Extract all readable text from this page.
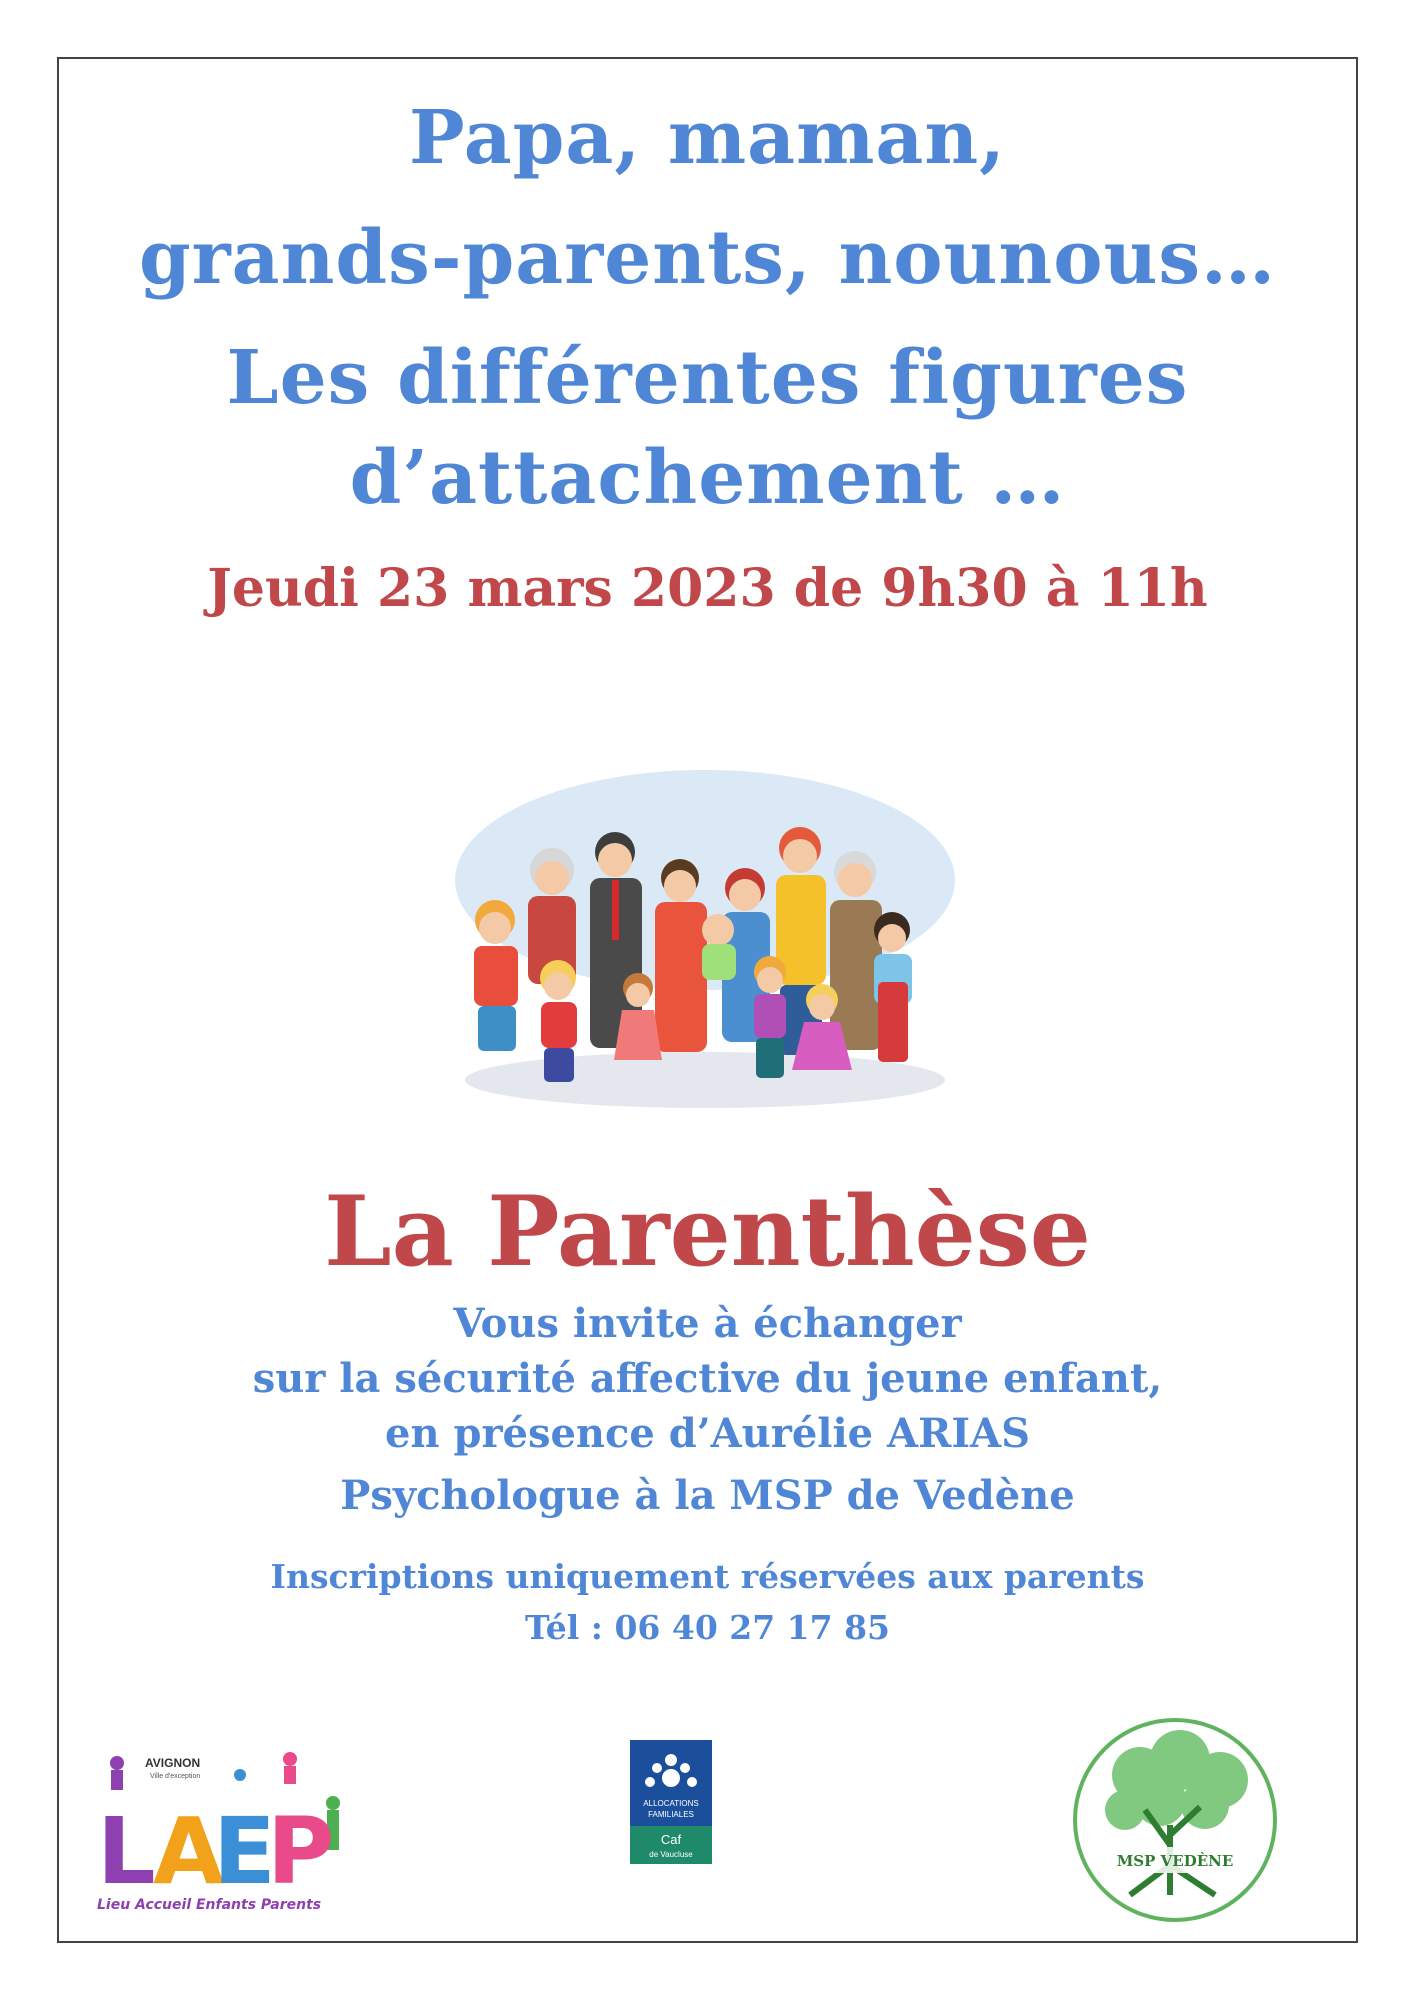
Papa, maman,
grands-parents, nounous…
Les différentes figures
d’attachement …
Jeudi 23 mars 2023 de 9h30 à 11h
La Parenthèse
Vous invite à échanger
sur la sécurité affective du jeune enfant,
en présence d’Aurélie ARIAS
Psychologue à la MSP de Vedène
Inscriptions uniquement réservées aux parents
Tél : 06 40 27 17 85
AVIGNON
Ville d'exception
L
A
E
P
Lieu Accueil Enfants Parents
ALLOCATIONS
FAMILIALES
Caf
de Vaucluse	MSP VEDÈNE
